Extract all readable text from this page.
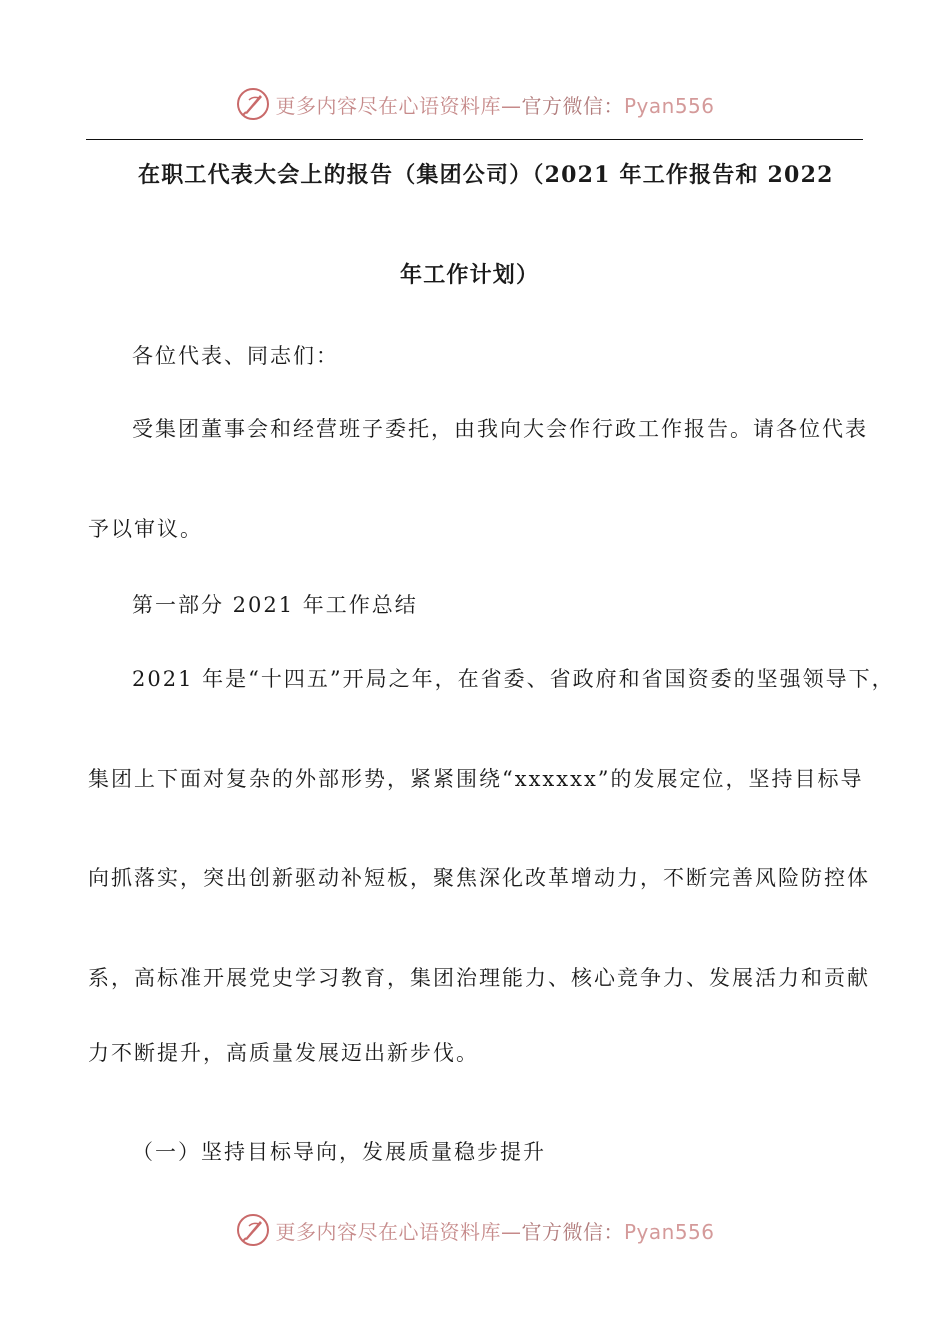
更多内容尽在心语资料库—官方微信：Pyan556
在职工代表大会上的报告（集团公司）（2021 年工作报告和 2022
年工作计划）
各位代表、同志们：
受集团董事会和经营班子委托，由我向大会作行政工作报告。请各位代表
予以审议。
第一部分 2021 年工作总结
2021 年是“十四五”开局之年，在省委、省政府和省国资委的坚强领导下，
集团上下面对复杂的外部形势，紧紧围绕“xxxxxx”的发展定位，坚持目标导
向抓落实，突出创新驱动补短板，聚焦深化改革增动力，不断完善风险防控体
系，高标准开展党史学习教育，集团治理能力、核心竞争力、发展活力和贡献
力不断提升，高质量发展迈出新步伐。
（一）坚持目标导向，发展质量稳步提升
更多内容尽在心语资料库—官方微信：Pyan556
